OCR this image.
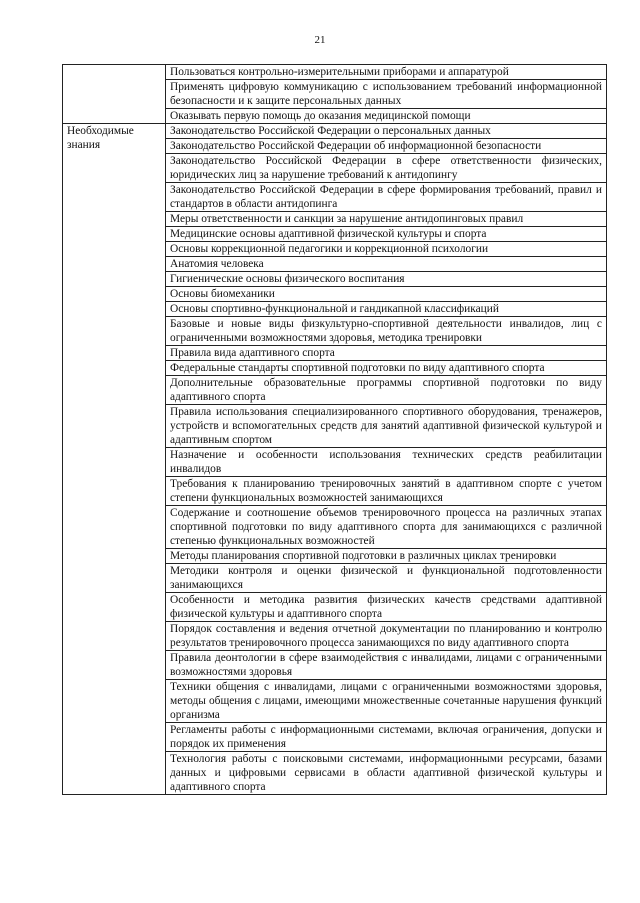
21
	Пользоваться контрольно-измерительными приборами и аппаратурой
	Применять цифровую коммуникацию с использованием требований информационной безопасности и к защите персональных данных
	Оказывать первую помощь до оказания медицинской помощи
Необходимые знания	Законодательство Российской Федерации о персональных данных
	Законодательство Российской Федерации об информационной безопасности
	Законодательство Российской Федерации в сфере ответственности физических, юридических лиц за нарушение требований к антидопингу
	Законодательство Российской Федерации в сфере формирования требований, правил и стандартов в области антидопинга
	Меры ответственности и санкции за нарушение антидопинговых правил
	Медицинские основы адаптивной физической культуры и спорта
	Основы коррекционной педагогики и коррекционной психологии
	Анатомия человека
	Гигиенические основы физического воспитания
	Основы биомеханики
	Основы спортивно-функциональной и гандикапной классификаций
	Базовые и новые виды физкультурно-спортивной деятельности инвалидов, лиц с ограниченными возможностями здоровья, методика тренировки
	Правила вида адаптивного спорта
	Федеральные стандарты спортивной подготовки по виду адаптивного спорта
	Дополнительные образовательные программы спортивной подготовки по виду адаптивного спорта
	Правила использования специализированного спортивного оборудования, тренажеров, устройств и вспомогательных средств для занятий адаптивной физической культурой и адаптивным спортом
	Назначение и особенности использования технических средств реабилитации инвалидов
	Требования к планированию тренировочных занятий в адаптивном спорте с учетом степени функциональных возможностей занимающихся
	Содержание и соотношение объемов тренировочного процесса на различных этапах спортивной подготовки по виду адаптивного спорта для занимающихся с различной степенью функциональных возможностей
	Методы планирования спортивной подготовки в различных циклах тренировки
	Методики контроля и оценки физической и функциональной подготовленности занимающихся
	Особенности и методика развития физических качеств средствами адаптивной физической культуры и адаптивного спорта
	Порядок составления и ведения отчетной документации по планированию и контролю результатов тренировочного процесса занимающихся по виду адаптивного спорта
	Правила деонтологии в сфере взаимодействия с инвалидами, лицами с ограниченными возможностями здоровья
	Техники общения с инвалидами, лицами с ограниченными возможностями здоровья, методы общения с лицами, имеющими множественные сочетанные нарушения функций организма
	Регламенты работы с информационными системами, включая ограничения, допуски и порядок их применения
	Технология работы с поисковыми системами, информационными ресурсами, базами данных и цифровыми сервисами в области адаптивной физической культуры и адаптивного спорта
